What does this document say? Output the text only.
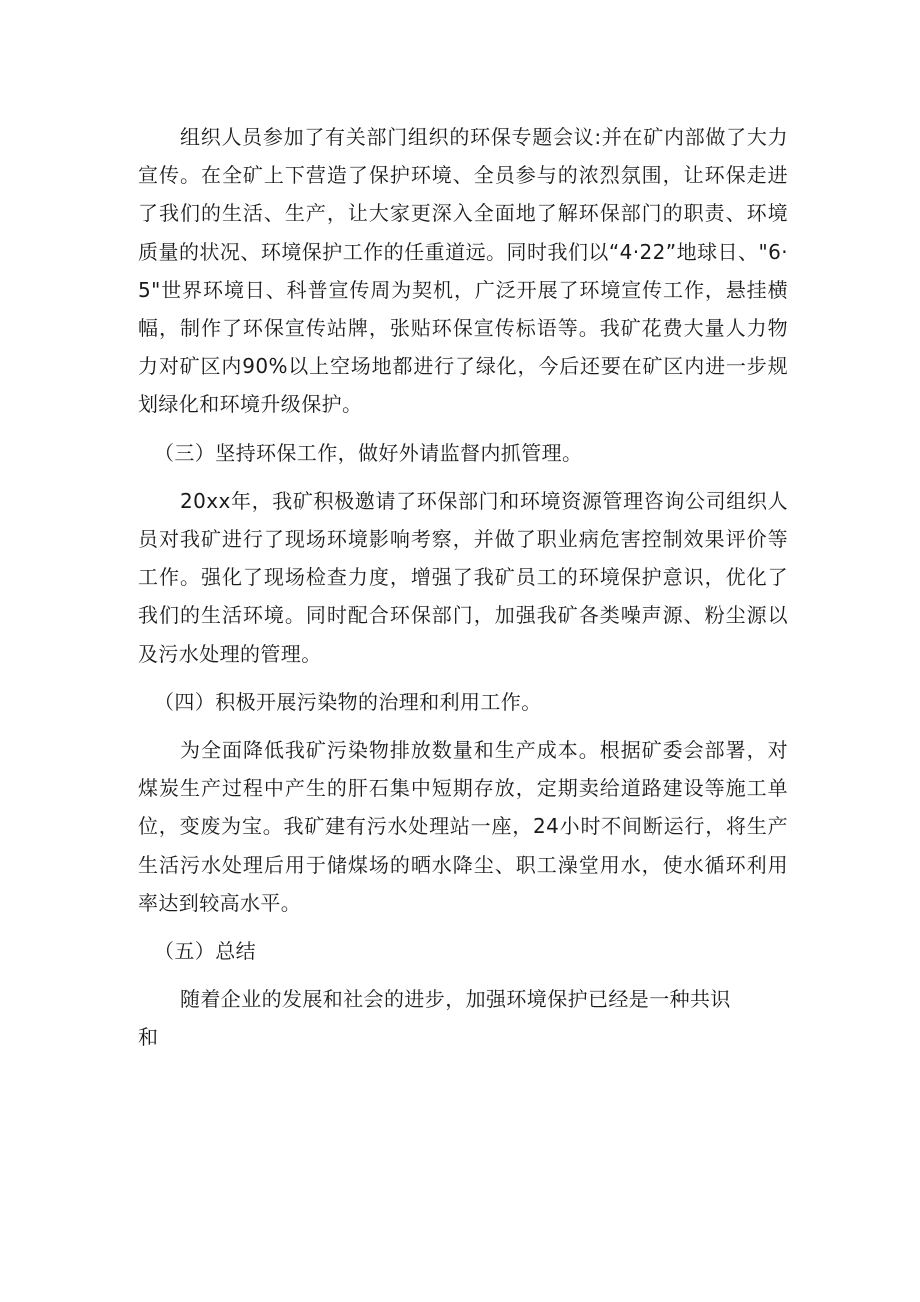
组织人员参加了有关部门组织的环保专题会议:并在矿内部做了大力宣传。在全矿上下营造了保护环境、全员参与的浓烈氛围，让环保走进了我们的生活、生产，让大家更深入全面地了解环保部门的职责、环境质量的状况、环境保护工作的任重道远。同时我们以“4·22”地球日、"6·5"世界环境日、科普宣传周为契机，广泛开展了环境宣传工作，悬挂横幅，制作了环保宣传站牌，张贴环保宣传标语等。我矿花费大量人力物力对矿区内90%以上空场地都进行了绿化，今后还要在矿区内进一步规划绿化和环境升级保护。

（三）坚持环保工作，做好外请监督内抓管理。

20xx年，我矿积极邀请了环保部门和环境资源管理咨询公司组织人员对我矿进行了现场环境影响考察，并做了职业病危害控制效果评价等工作。强化了现场检查力度，增强了我矿员工的环境保护意识，优化了我们的生活环境。同时配合环保部门，加强我矿各类噪声源、粉尘源以及污水处理的管理。

（四）积极开展污染物的治理和利用工作。

为全面降低我矿污染物排放数量和生产成本。根据矿委会部署，对煤炭生产过程中产生的肝石集中短期存放，定期卖给道路建设等施工单位，变废为宝。我矿建有污水处理站一座，24小时不间断运行，将生产生活污水处理后用于储煤场的晒水降尘、职工澡堂用水，使水循环利用率达到较高水平。

（五）总结

随着企业的发展和社会的进步，加强环境保护已经是一种共识和
